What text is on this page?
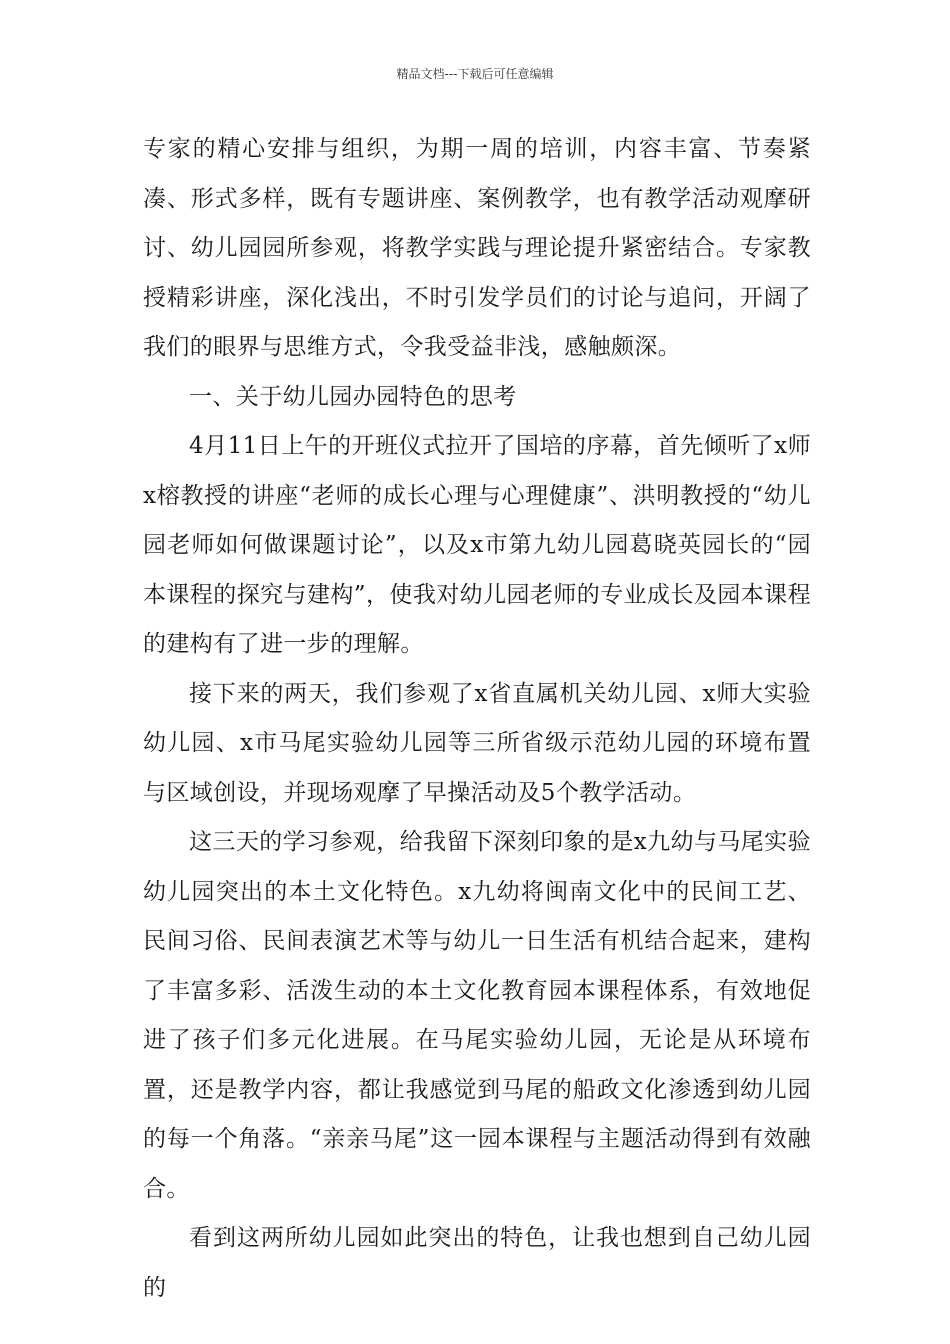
精品文档---下载后可任意编辑

专家的精心安排与组织，为期一周的培训，内容丰富、节奏紧凑、形式多样，既有专题讲座、案例教学，也有教学活动观摩研讨、幼儿园园所参观，将教学实践与理论提升紧密结合。专家教授精彩讲座，深化浅出，不时引发学员们的讨论与追问，开阔了我们的眼界与思维方式，令我受益非浅，感触颇深。

一、关于幼儿园办园特色的思考

4月11日上午的开班仪式拉开了国培的序幕，首先倾听了x师x榕教授的讲座“老师的成长心理与心理健康”、洪明教授的“幼儿园老师如何做课题讨论”，以及x市第九幼儿园葛晓英园长的“园本课程的探究与建构”，使我对幼儿园老师的专业成长及园本课程的建构有了进一步的理解。

接下来的两天，我们参观了x省直属机关幼儿园、x师大实验幼儿园、x市马尾实验幼儿园等三所省级示范幼儿园的环境布置与区域创设，并现场观摩了早操活动及5个教学活动。

这三天的学习参观，给我留下深刻印象的是x九幼与马尾实验幼儿园突出的本土文化特色。x九幼将闽南文化中的民间工艺、民间习俗、民间表演艺术等与幼儿一日生活有机结合起来，建构了丰富多彩、活泼生动的本土文化教育园本课程体系，有效地促进了孩子们多元化进展。在马尾实验幼儿园，无论是从环境布置，还是教学内容，都让我感觉到马尾的船政文化渗透到幼儿园的每一个角落。“亲亲马尾”这一园本课程与主题活动得到有效融合。

看到这两所幼儿园如此突出的特色，让我也想到自己幼儿园的
